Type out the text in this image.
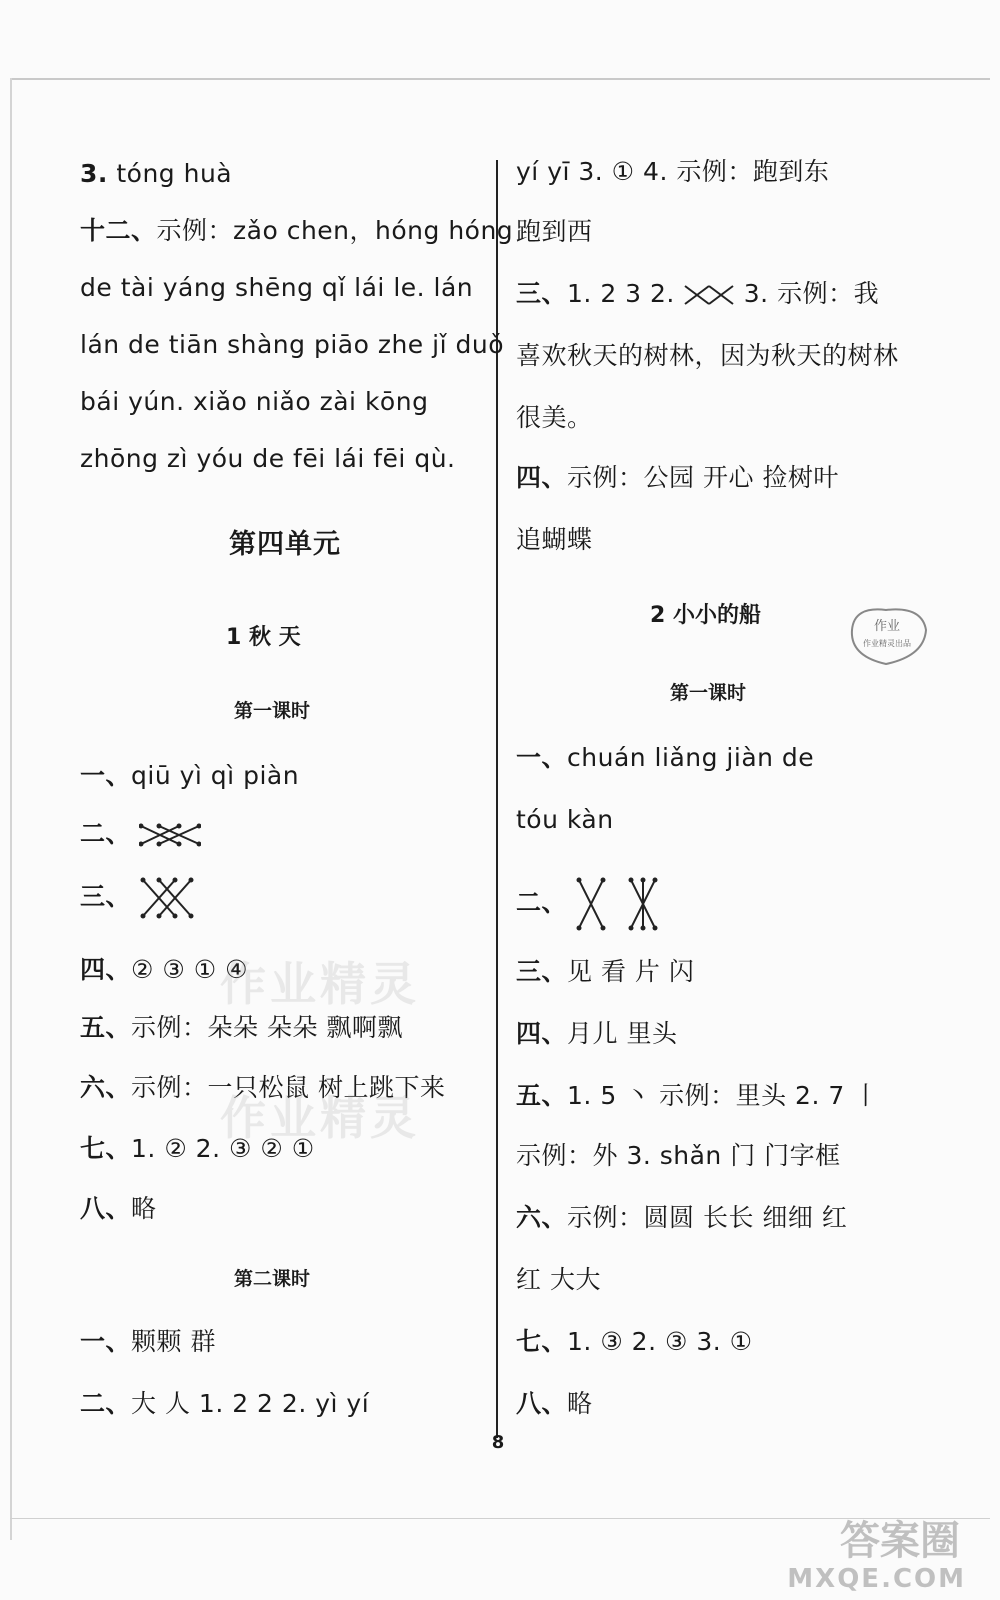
3. tóng huà
十二、示例：zǎo chen，hóng hóng
de tài yáng shēng qǐ lái le. lán
lán de tiān shàng piāo zhe jǐ duǒ
bái yún. xiǎo niǎo zài kōng
zhōng zì yóu de fēi lái fēi qù.
第四单元
1 秋 天
第一课时
一、qiū yì qì piàn
二、
三、
四、② ③ ① ④
五、示例：朵朵 朵朵 飘啊飘
六、示例：一只松鼠 树上跳下来
七、1. ② 2. ③ ② ①
八、略
第二课时
一、颗颗 群
二、大 人 1. 2 2 2. yì yí
yí yī 3. ① 4. 示例：跑到东
跑到西
三、1. 2 3 2.  3. 示例：我
喜欢秋天的树林，因为秋天的树林
很美。
四、示例：公园 开心 捡树叶
追蝴蝶
2 小小的船	作业
作业精灵出品
第一课时
一、chuán liǎng jiàn de
tóu kàn
二、
三、见 看 片 闪
四、月儿 里头
五、1. 5 丶 示例：里头 2. 7 丨
示例：外 3. shǎn 门 门字框
六、示例：圆圆 长长 细细 红
红 大大
七、1. ③ 2. ③ 3. ①
八、略
作业精灵
作业精灵
8
答案圈
MXQE.COM
